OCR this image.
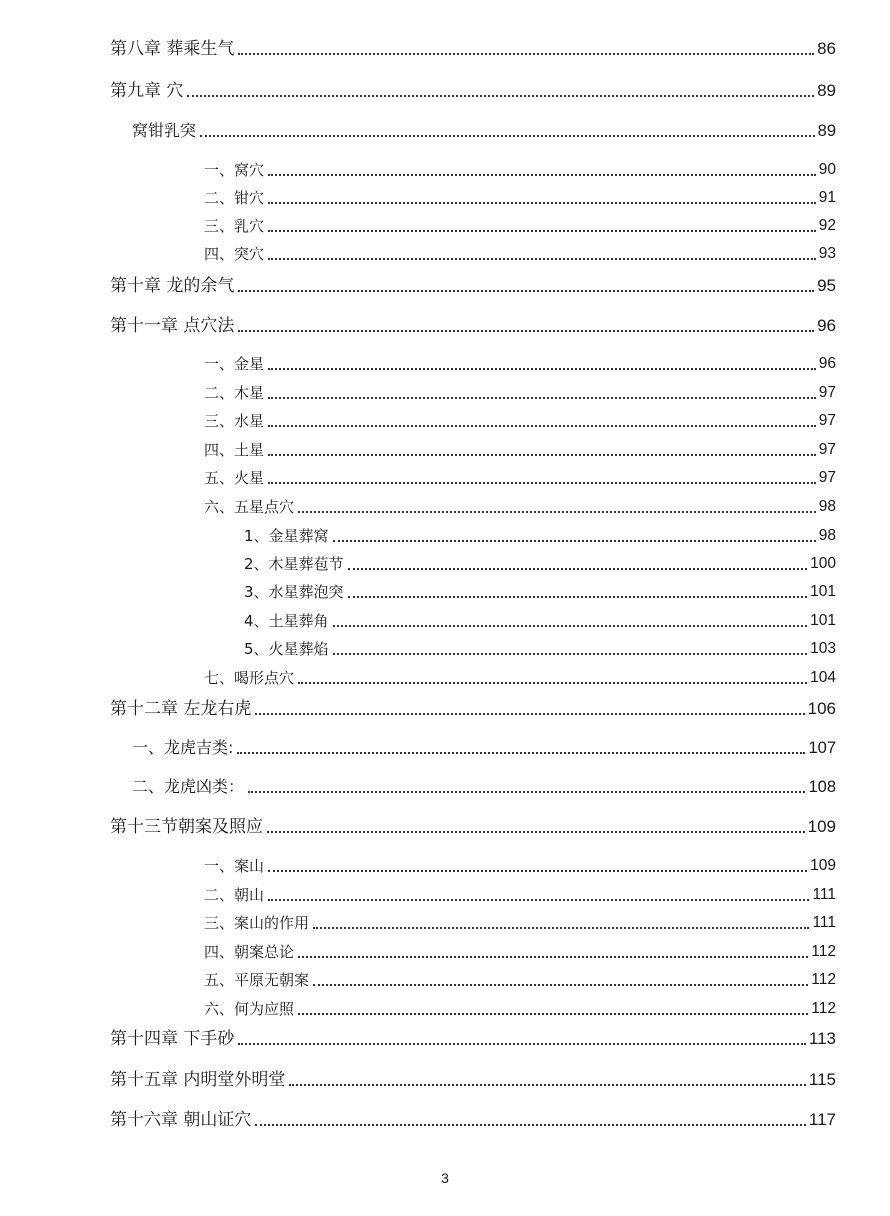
第八章 葬乘生气	86
第九章 穴	89
窝钳乳突	89
一、窝穴	90
二、钳穴	91
三、乳穴	92
四、突穴	93
第十章 龙的余气	95
第十一章 点穴法	96
一、金星	96
二、木星	97
三、水星	97
四、土星	97
五、火星	97
六、五星点穴	98
1、金星葬窝	98
2、木星葬苞节	100
3、水星葬泡突	101
4、土星葬角	101
5、火星葬焰	103
七、喝形点穴	104
第十二章 左龙右虎	106
一、龙虎吉类:	107
二、龙虎凶类：	108
第十三节朝案及照应	109
一、案山	109
二、朝山	111
三、案山的作用	111
四、朝案总论	112
五、平原无朝案	112
六、何为应照	112
第十四章 下手砂	113
第十五章 内明堂外明堂	115
第十六章 朝山证穴	117
3
